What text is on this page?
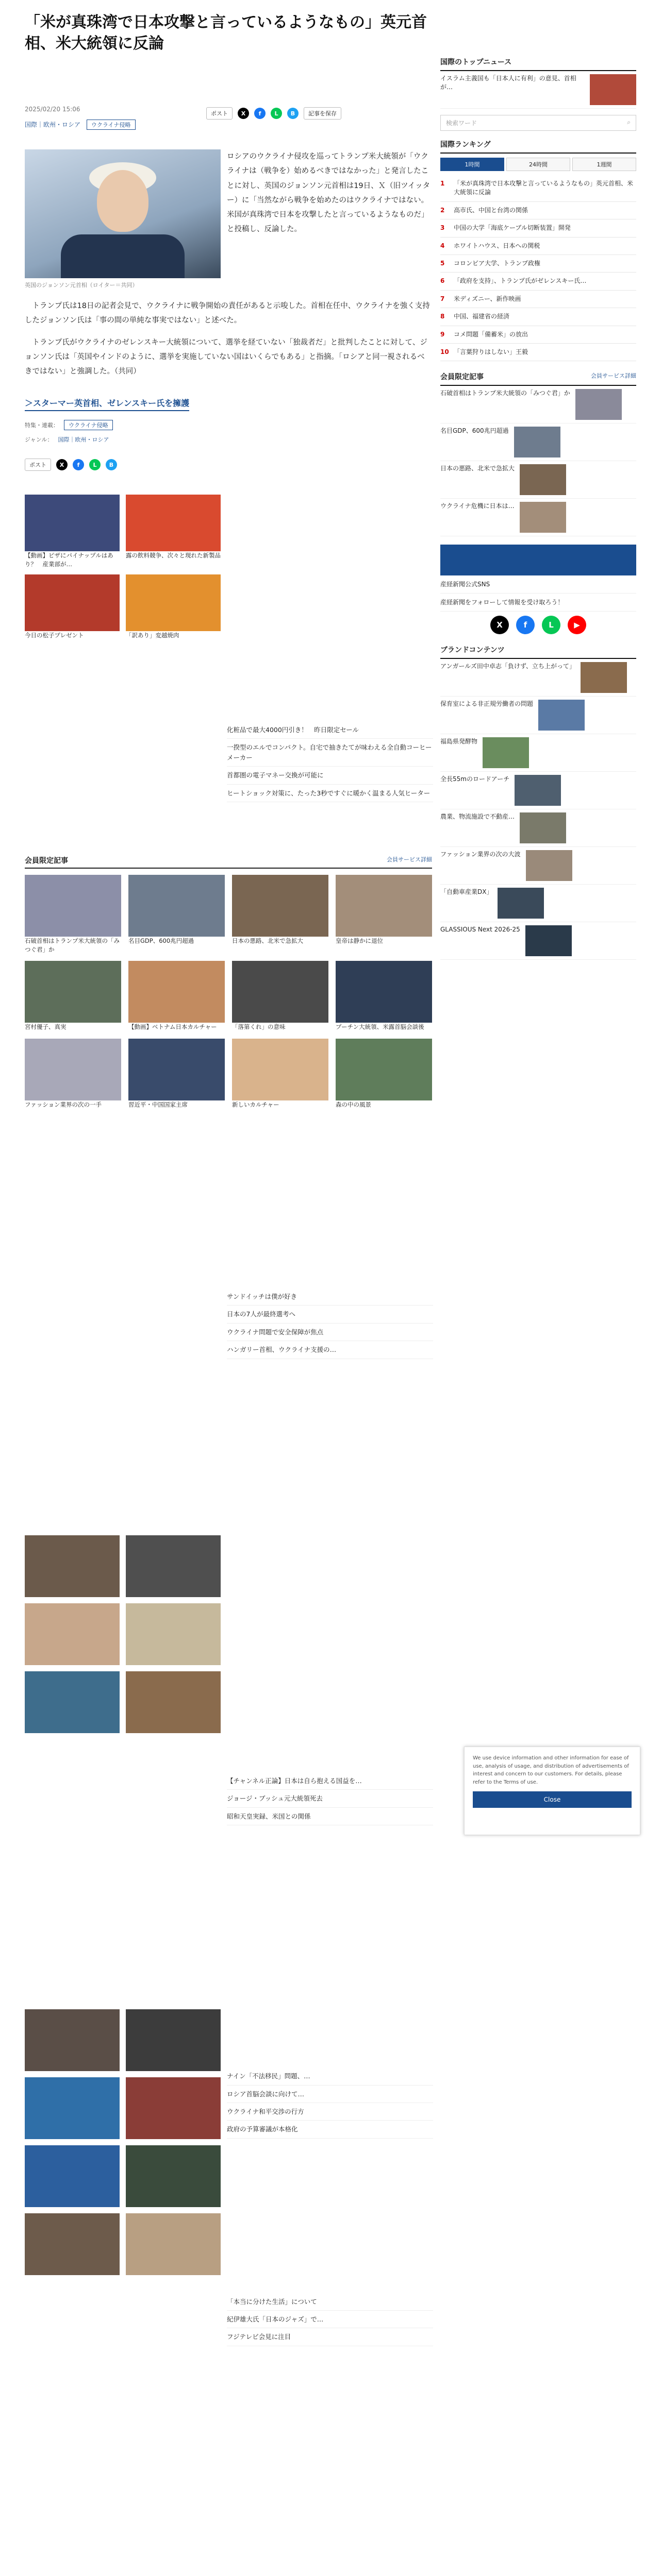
「米が真珠湾で日本攻撃と言っているようなもの」英元首相、米大統領に反論
2025/02/20 15:06
国際｜欧州・ロシア ウクライナ侵略
ポスト	X	f	L	B	記事を保存
英国のジョンソン元首相（ロイター＝共同）
ロシアのウクライナ侵攻を巡ってトランプ米大統領が「ウクライナは（戦争を）始めるべきではなかった」と発言したことに対し、英国のジョンソン元首相は19日、Ｘ（旧ツイッター）に「当然ながら戦争を始めたのはウクライナではない。米国が真珠湾で日本を攻撃したと言っているようなものだ」と投稿し、反論した。

トランプ氏は18日の記者会見で、ウクライナに戦争開始の責任があると示唆した。首相在任中、ウクライナを強く支持したジョンソン氏は「事の間の単純な事実ではない」と述べた。

トランプ氏がウクライナのゼレンスキー大統領について、選挙を経ていない「独裁者だ」と批判したことに対して、ジョンソン氏は「英国やインドのように、選挙を実施していない国はいくらでもある」と指摘。「ロシアと同一視されるべきではない」と強調した。（共同）

＞スターマー英首相、ゼレンスキー氏を擁護
特集・連載：	ウクライナ侵略
ジャンル： 国際｜欧州・ロシア
ポスト	X	f	L	B
【動画】ピザにパイナップルはあり？　産業部が…
露の飲料競争、次々と現れた新製品
今日の松子プレゼント	「訳あり」変越焼肉
化粧品で最大4000円引き！　昨日限定セール
一揆型のエルでコンパクト。自宅で抽きたてが味わえる全自動コーヒーメーカー
首都圏の電子マネー交換が可能に
ヒートショック対策に、たった3秒ですぐに暖かく温まる人気ヒーター
会員限定記事	会員サービス詳細
石破首相はトランプ米大統領の「みつぐ君」か
名目GDP、600兆円超過	日本の悪路、北米で急拡大	皇帝は静かに退位
宮村優子、真実	【動画】ベトナム日本カルチャー	「落第くれ」の意味	プーチン大統領、米露首脳会談後
ファッション業界の次の一手	習近平・中国国家主席	新しいカルチャー	森の中の風景
サンドイッチは僕が好き
日本の7人が最終選考へ
ウクライナ問題で安全保障が焦点
ハンガリー首相、ウクライナ支援の…
【チャンネル正論】日本は自ら抱える国益を…
ジョージ・ブッシュ元大統領死去
昭和天皇実録、米国との関係
ナイン「不法移民」問題、…
ロシア首脳会談に向けて…
ウクライナ和平交渉の行方
政府の予算審議が本格化
「本当に分けた生活」について
紀伊雄大氏「日本のジャズ」で…
フジテレビ会見に注目
国際のトップニュース
イスラム主義国も「日本人に有利」の意見、首相が…
検索ワード	⌕
国際ランキング
1時間	24時間	1週間
1	「米が真珠湾で日本攻撃と言っているようなもの」英元首相、米大統領に反論
2	高市氏、中国と台湾の関係
3	中国の大学「海底ケーブル切断装置」開発
4	ホワイトハウス、日本への関税
5	コロンビア大学、トランプ政権
6	「政府を支持」、トランプ氏がゼレンスキー氏…
7	米ディズニー、新作映画
8	中国、福建省の経済
9	コメ問題「備蓄米」の放出
10 「言葉狩りはしない」王毅
会員限定記事	会員サービス詳細
石破首相はトランプ米大統領の「みつぐ君」か
名目GDP、600兆円超過
日本の悪路、北米で急拡大
ウクライナ危機に日本は…
産経新聞公式SNS
産経新聞をフォローして情報を受け取ろう！
X	f	L	▶
ブランドコンテンツ
アンガールズ田中卓志「負けず、立ち上がって」
保育室による非正規労働者の問題
福島県発酵物
全長55mのロードアーチ
農業、物流施設で不動産…
ファッション業界の次の大波
「自動車産業DX」
GLASSIOUS Next 2026-25

We use device information and other information for ease of use, analysis of usage, and distribution of advertisements of interest and concern to our customers. For details, please refer to the Terms of use.

Close
